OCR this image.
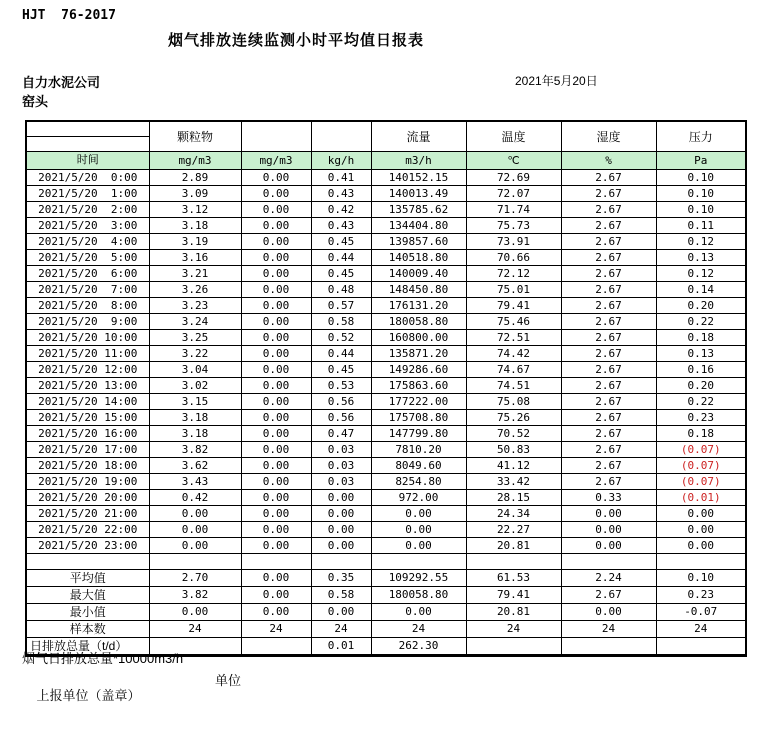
HJT  76-2017
烟气排放连续监测小时平均值日报表
自力水泥公司	2021年5月20日
窑头
	颗粒物			流量	温度	湿度	压力

时间	mg/m3	mg/m3	kg/h	m3/h	℃	%	Pa
2021/5/20  0:00	2.89	0.00	0.41	140152.15	72.69	2.67	0.10
2021/5/20  1:00	3.09	0.00	0.43	140013.49	72.07	2.67	0.10
2021/5/20  2:00	3.12	0.00	0.42	135785.62	71.74	2.67	0.10
2021/5/20  3:00	3.18	0.00	0.43	134404.80	75.73	2.67	0.11
2021/5/20  4:00	3.19	0.00	0.45	139857.60	73.91	2.67	0.12
2021/5/20  5:00	3.16	0.00	0.44	140518.80	70.66	2.67	0.13
2021/5/20  6:00	3.21	0.00	0.45	140009.40	72.12	2.67	0.12
2021/5/20  7:00	3.26	0.00	0.48	148450.80	75.01	2.67	0.14
2021/5/20  8:00	3.23	0.00	0.57	176131.20	79.41	2.67	0.20
2021/5/20  9:00	3.24	0.00	0.58	180058.80	75.46	2.67	0.22
2021/5/20 10:00	3.25	0.00	0.52	160800.00	72.51	2.67	0.18
2021/5/20 11:00	3.22	0.00	0.44	135871.20	74.42	2.67	0.13
2021/5/20 12:00	3.04	0.00	0.45	149286.60	74.67	2.67	0.16
2021/5/20 13:00	3.02	0.00	0.53	175863.60	74.51	2.67	0.20
2021/5/20 14:00	3.15	0.00	0.56	177222.00	75.08	2.67	0.22
2021/5/20 15:00	3.18	0.00	0.56	175708.80	75.26	2.67	0.23
2021/5/20 16:00	3.18	0.00	0.47	147799.80	70.52	2.67	0.18
2021/5/20 17:00	3.82	0.00	0.03	7810.20	50.83	2.67	(0.07)
2021/5/20 18:00	3.62	0.00	0.03	8049.60	41.12	2.67	(0.07)
2021/5/20 19:00	3.43	0.00	0.03	8254.80	33.42	2.67	(0.07)
2021/5/20 20:00	0.42	0.00	0.00	972.00	28.15	0.33	(0.01)
2021/5/20 21:00	0.00	0.00	0.00	0.00	24.34	0.00	0.00
2021/5/20 22:00	0.00	0.00	0.00	0.00	22.27	0.00	0.00
2021/5/20 23:00	0.00	0.00	0.00	0.00	20.81	0.00	0.00

平均值	2.70	0.00	0.35	109292.55	61.53	2.24	0.10
最大值	3.82	0.00	0.58	180058.80	79.41	2.67	0.23
最小值	0.00	0.00	0.00	0.00	20.81	0.00	-0.07
样本数	24	24	24	24	24	24	24
日排放总量（t/d）			0.01	262.30			
烟气日排放总量*10000m3/h

上报单位（盖章）

单位
